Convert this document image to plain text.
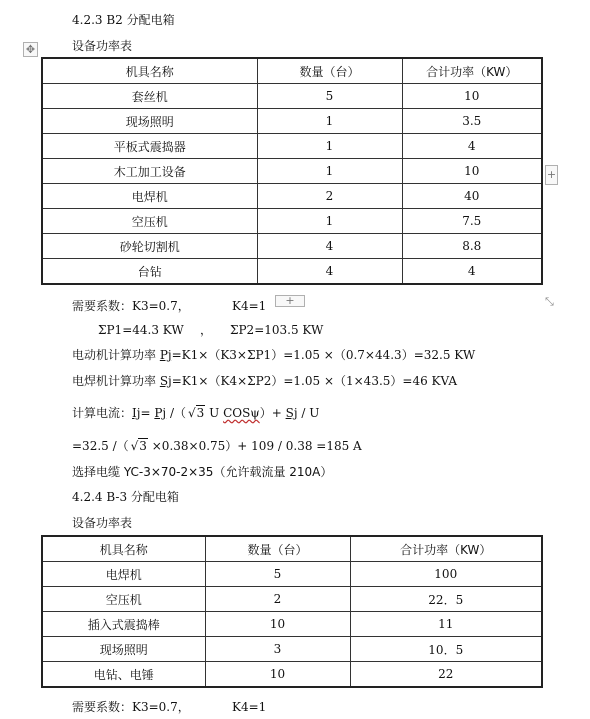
4.2.3 B2 分配电箱
✥	设备功率表
机具名称	数量（台）	合计功率（KW）
套丝机	5	10
现场照明	1	3.5
平板式震捣器	1	4
木工加工设备	1	10
电焊机	2	40
空压机	1	7.5
砂轮切割机	4	8.8
台钻	4	4
+
+	⤡
需要系数：K3=0.7，	K4=1
ΣP1=44.3 KW ， ΣP2=103.5 KW
电动机计算功率 Pj=K1×（K3×ΣP1）=1.05 ×（0.7×44.3）=32.5 KW
电焊机计算功率 Sj=K1×（K4×ΣP2）=1.05 ×（1×43.5）=46 KVA
计算电流：Ij= Pj /（ √3 U COSψ）+ Sj / U
=32.5 /（ √3 ×0.38×0.75）+ 109 / 0.38 =185 A
选择电缆 YC-3×70-2×35（允许载流量 210A）
4.2.4 B-3 分配电箱
设备功率表
机具名称	数量（台）	合计功率（KW）
电焊机	5	100
空压机	2	22．5
插入式震捣棒	10	11
现场照明	3	10．5
电钻、电锤	10	22
需要系数：K3=0.7，	K4=1
